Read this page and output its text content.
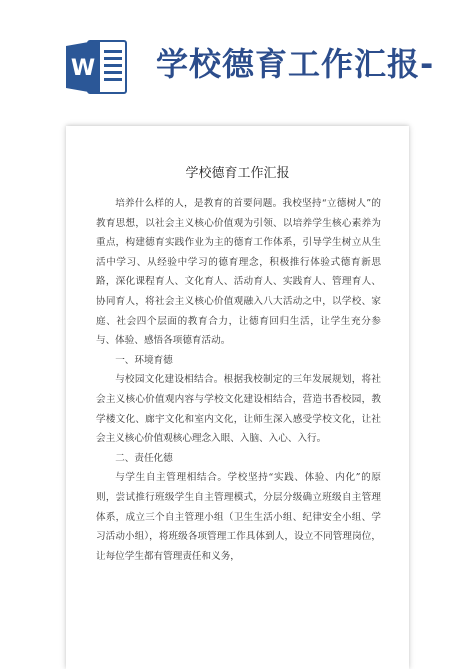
W 学校德育工作汇报-
学校德育工作汇报

培养什么样的人，是教育的首要问题。我校坚持“立德树人”的教育思想，以社会主义核心价值观为引领、以培养学生核心素养为重点，构建德育实践作业为主的德育工作体系，引导学生树立从生活中学习、从经验中学习的德育理念，积极推行体验式德育新思路，深化课程育人、文化育人、活动育人、实践育人、管理育人、协同育人，将社会主义核心价值观融入八大活动之中，以学校、家庭、社会四个层面的教育合力，让德育回归生活，让学生充分参与、体验、感悟各项德育活动。

一、环境育德

与校园文化建设相结合。根据我校制定的三年发展规划，将社会主义核心价值观内容与学校文化建设相结合，营造书香校园，教学楼文化、廊宇文化和室内文化，让师生深入感受学校文化，让社会主义核心价值观核心理念入眼、入脑、入心、入行。

二、责任化德

与学生自主管理相结合。学校坚持“实践、体验、内化”的原则，尝试推行班级学生自主管理模式，分层分级确立班级自主管理体系，成立三个自主管理小组（卫生生活小组、纪律安全小组、学习活动小组），将班级各项管理工作具体到人，设立不同管理岗位，让每位学生都有管理责任和义务，
